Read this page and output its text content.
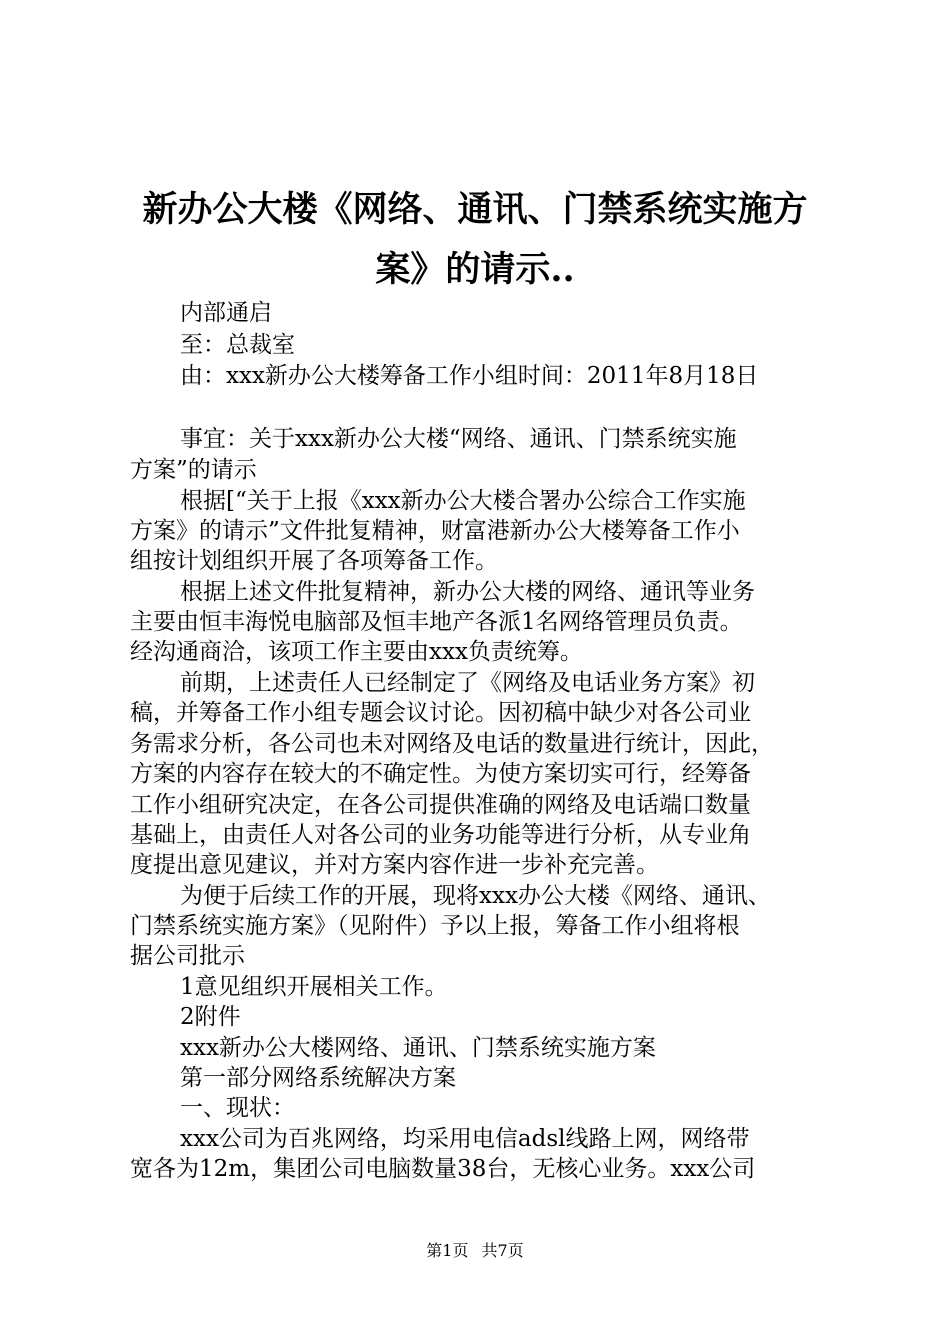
新办公大楼《网络、通讯、门禁系统实施方
案》的请示..
内部通启
至：总裁室
由：xxx新办公大楼筹备工作小组时间：2011年8月18日
事宜：关于xxx新办公大楼“网络、通讯、门禁系统实施
方案”的请示
根据[“关于上报《xxx新办公大楼合署办公综合工作实施
方案》的请示”文件批复精神，财富港新办公大楼筹备工作小
组按计划组织开展了各项筹备工作。
根据上述文件批复精神，新办公大楼的网络、通讯等业务
主要由恒丰海悦电脑部及恒丰地产各派1名网络管理员负责。
经沟通商洽，该项工作主要由xxx负责统筹。
前期，上述责任人已经制定了《网络及电话业务方案》初
稿，并筹备工作小组专题会议讨论。因初稿中缺少对各公司业
务需求分析，各公司也未对网络及电话的数量进行统计，因此，
方案的内容存在较大的不确定性。为使方案切实可行，经筹备
工作小组研究决定，在各公司提供准确的网络及电话端口数量
基础上，由责任人对各公司的业务功能等进行分析，从专业角
度提出意见建议，并对方案内容作进一步补充完善。
为便于后续工作的开展，现将xxx办公大楼《网络、通讯、
门禁系统实施方案》（见附件）予以上报，筹备工作小组将根
据公司批示
1意见组织开展相关工作。
2附件
xxx新办公大楼网络、通讯、门禁系统实施方案
第一部分网络系统解决方案
一、现状：
xxx公司为百兆网络，均采用电信adsl线路上网，网络带
宽各为12m，集团公司电脑数量38台，无核心业务。xxx公司
第1页 共7页
